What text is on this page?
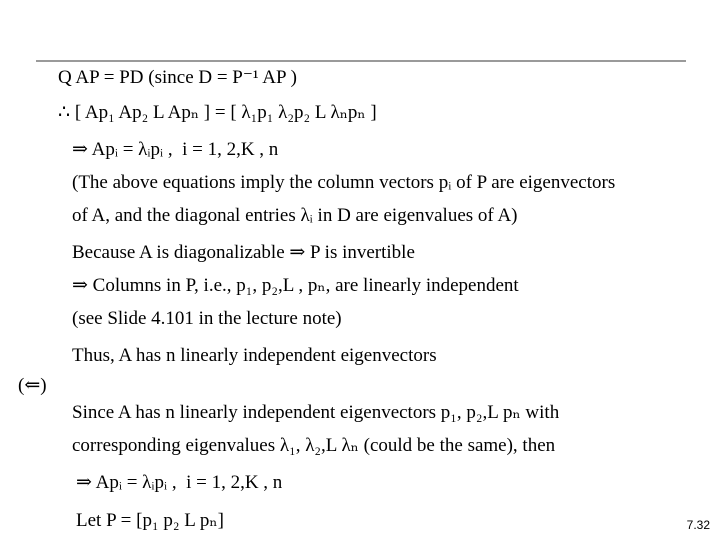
Q AP = PD (since D = P⁻¹ AP )
∴ [ Ap₁ Ap₂ L Apₙ ] = [ λ₁p₁ λ₂p₂ L λₙpₙ ]
⇒ Apᵢ = λᵢpᵢ ,  i = 1, 2,K , n
(The above equations imply the column vectors pᵢ of P are eigenvectors
of A, and the diagonal entries λᵢ in D are eigenvalues of A)
Because A is diagonalizable ⇒ P is invertible
⇒ Columns in P, i.e., p₁, p₂,L , pₙ, are linearly independent
(see Slide 4.101 in the lecture note)
Thus, A has n linearly independent eigenvectors
(⇐)
Since A has n linearly independent eigenvectors p₁, p₂,L pₙ with
corresponding eigenvalues λ₁, λ₂,L λₙ (could be the same), then
⇒ Apᵢ = λᵢpᵢ ,  i = 1, 2,K , n
Let P = [p₁ p₂ L pₙ]	7.32
